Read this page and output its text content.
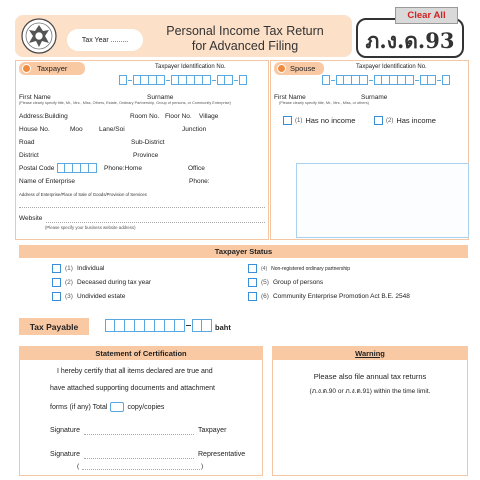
Tax Year .........
Personal Income Tax Return
for Advanced Filing	ภ.ง.ด.93
Clear All
Taxpayer	Taxpayer Identification No.
First Name	Surname
(Please clearly specify title, Mr., Mrs., Miss, Others, Estate, Ordinary Partnership, Group of persons, or Community Enterprise)
Address:Building	Room No. Floor No. Village
House No.	Moo	Lane/Soi	Junction
Road	Sub-District
District	Province
Postal Code	Phone:Home	Office
Name of Enterprise	Phone:
Address of Enterprise/Place of Sale of Goods/Provision of Services
Website
(Please specify your business website address)
Spouse	Taxpayer Identification No.
First Name	Surname
(Please clearly specify title, Mr., Mrs., Miss, or others)
(1) Has no income	(2) Has income
Taxpayer Status
(1) Individual
(2) Deceased during tax year
(3) Undivided estate
(4) Non-registered ordinary partnership
(5) Group of persons
(6) Community Enterprise Promotion Act B.E. 2548
Tax Payable	baht
Statement of Certification
I hereby certify that all items declared are true and
have attached supporting documents and attachment
forms (if any) Total	copy/copies
Signature	Taxpayer
Signature	Representative
(	)
Warning
Please also file annual tax returns
(ภ.ง.ด.90 or ภ.ง.ด.91) within the time limit.
